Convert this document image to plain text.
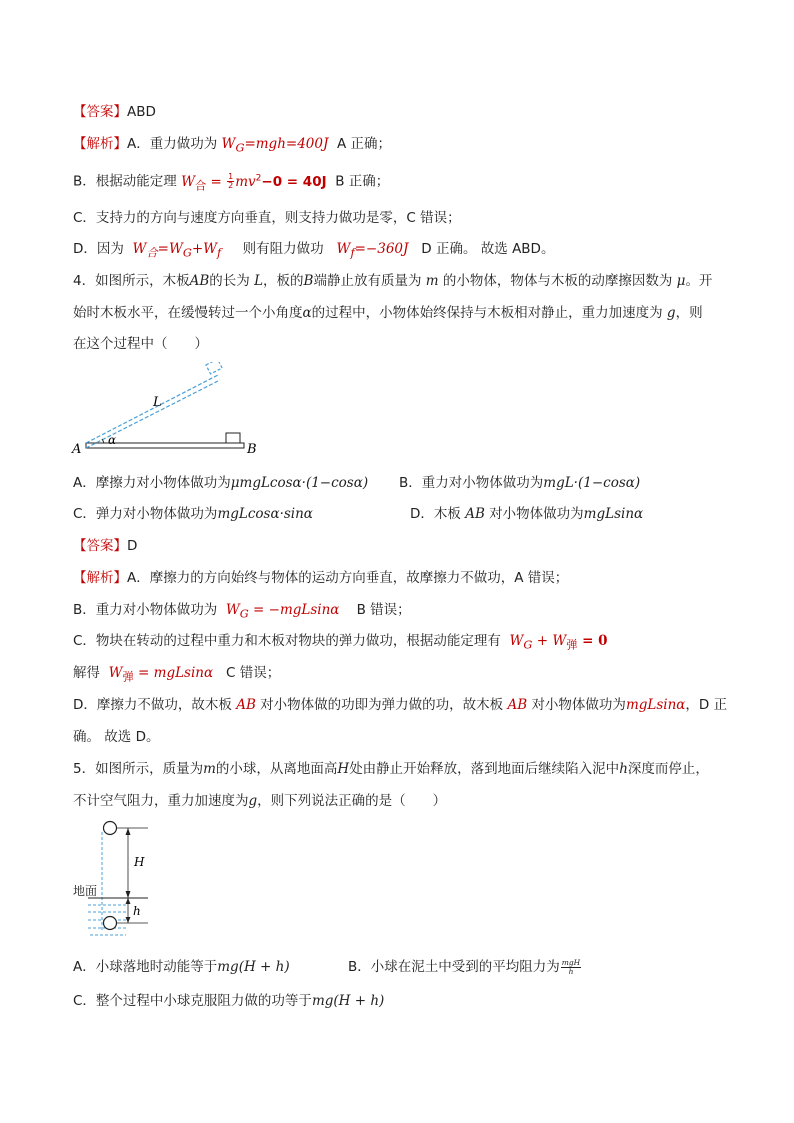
【答案】ABD
【解析】A．重力做功为 $W_G=mgh=400J$ A 正确；
B．根据动能定理 $W_合 = \frac{1}{2} mv^2-0 = 40J$ B 正确；
C．支持力的方向与速度方向垂直，则支持力做功是零，C 错误；
D．因为 $W_合=W_G+W_f$ 则有阻力做功 $W_f=-360J$ D 正确。 故选 ABD。
4．如图所示，木板AB的长为 L，板的B端静止放有质量为 m 的小物体，物体与木板的动摩擦因数为 μ。开
始时木板水平，在缓慢转过一个小角度α的过程中，小物体始终保持与木板相对静止，重力加速度为 g，则
在这个过程中（　　）
L
α
A	B
A．摩擦力对小物体做功为μmgLcosα·(1−cosα) B．重力对小物体做功为mgL·(1−cosα)
C．弹力对小物体做功为mgLcosα·sinα	D．木板 AB 对小物体做功为mgLsinα
【答案】D
【解析】A．摩擦力的方向始终与物体的运动方向垂直，故摩擦力不做功，A 错误；
B．重力对小物体做功为 $W_G = -mgLsin\alpha$ B 错误；
C．物块在转动的过程中重力和木板对物块的弹力做功，根据动能定理有 $W_G + W_弹 = 0$
解得 $W_弹 = mgLsin\alpha$ C 错误；
D．摩擦力不做功，故木板 AB 对小物体做的功即为弹力做的功，故木板 AB 对小物体做功为mgLsinα，D 正
确。 故选 D。
5．如图所示，质量为m的小球，从离地面高H处由静止开始释放，落到地面后继续陷入泥中h深度而停止，
不计空气阻力，重力加速度为g，则下列说法正确的是（　　）
H
h
地面
A．小球落地时动能等于mg(H + h)	B．小球在泥土中受到的平均阻力为 $\frac{\text{mgH}}{h}$
C．整个过程中小球克服阻力做的功等于mg(H + h)
